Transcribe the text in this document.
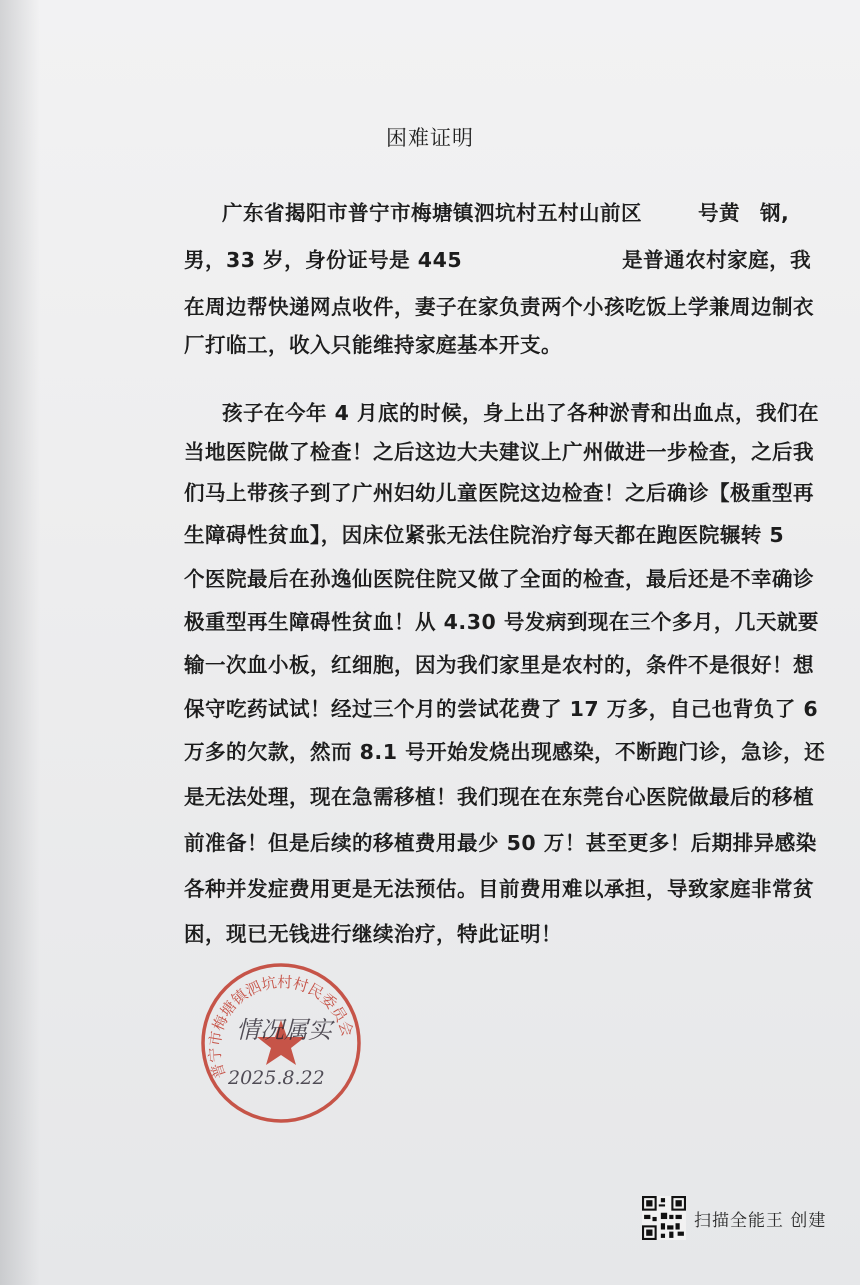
困难证明
广东省揭阳市普宁市梅塘镇泗坑村五村山前区	号黄 钢,
男，33 岁，身份证号是 445	是普通农村家庭，我
在周边帮快递网点收件，妻子在家负责两个小孩吃饭上学兼周边制衣
厂打临工，收入只能维持家庭基本开支。
孩子在今年 4 月底的时候，身上出了各种淤青和出血点，我们在
当地医院做了检查！之后这边大夫建议上广州做进一步检查，之后我
们马上带孩子到了广州妇幼儿童医院这边检查！之后确诊【极重型再
生障碍性贫血】，因床位紧张无法住院治疗每天都在跑医院辗转 5
个医院最后在孙逸仙医院住院又做了全面的检查，最后还是不幸确诊
极重型再生障碍性贫血！从 4.30 号发病到现在三个多月，几天就要
输一次血小板，红细胞，因为我们家里是农村的，条件不是很好！想
保守吃药试试！经过三个月的尝试花费了 17 万多，自己也背负了 6
万多的欠款，然而 8.1 号开始发烧出现感染，不断跑门诊，急诊，还
是无法处理，现在急需移植！我们现在在东莞台心医院做最后的移植
前准备！但是后续的移植费用最少 50 万！甚至更多！后期排异感染
各种并发症费用更是无法预估。目前费用难以承担，导致家庭非常贫
困，现已无钱进行继续治疗，特此证明！
普宁市梅塘镇泗坑村村民委员会
情况属实
2025.8.22
扫描全能王 创建
